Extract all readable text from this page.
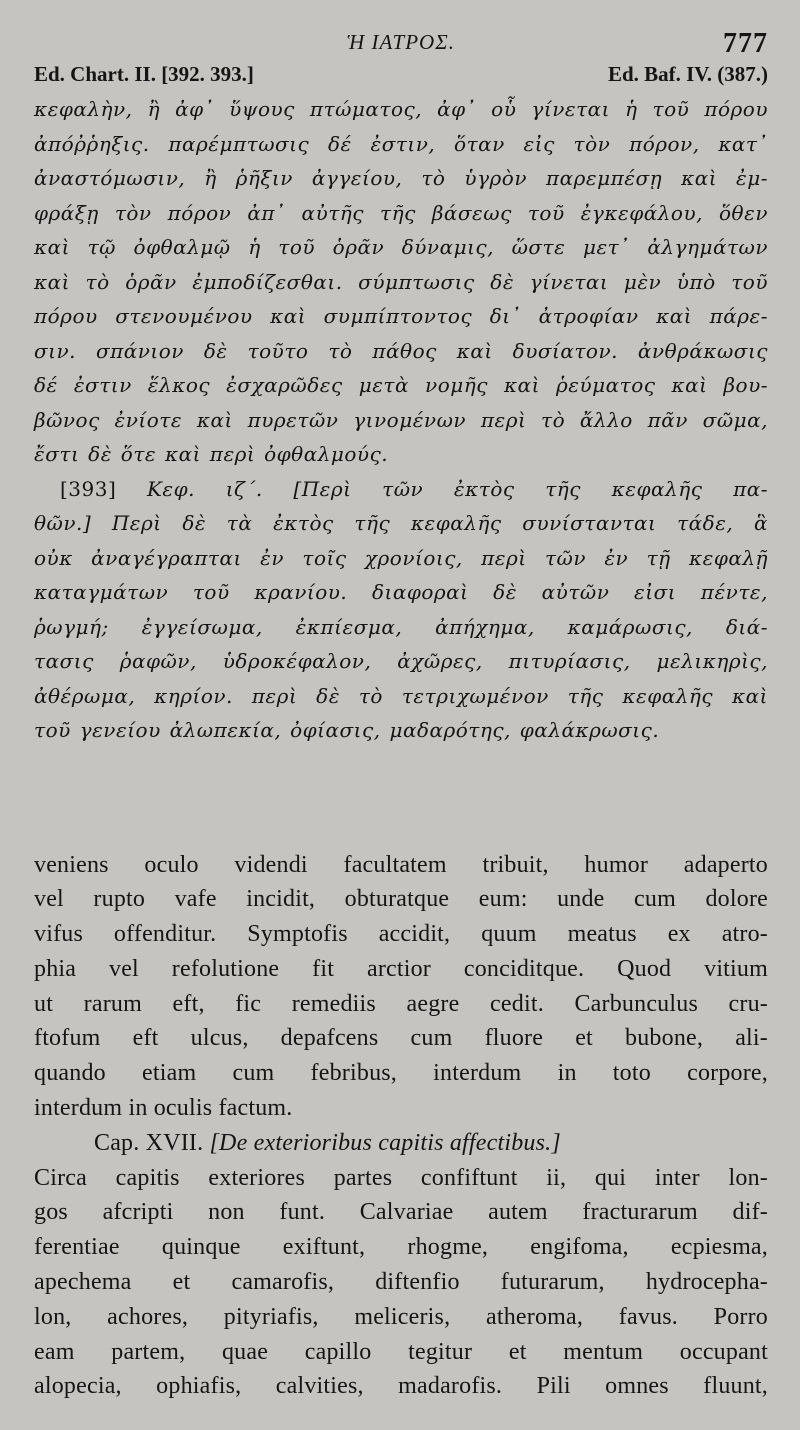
Ἡ ΙΑΤΡΟΣ.	777
Ed. Chart. II. [392. 393.]	Ed. Baf. IV. (387.)
κεφαλὴν, ἢ ἀφ᾽ ὕψους πτώματος, ἀφ᾽ οὗ γίνεται ἡ τοῦ πόρου
ἀπόῤῥηξις. παρέμπτωσις δέ ἐστιν, ὅταν εἰς τὸν πόρον, κατ᾽
ἀναστόμωσιν, ἢ ῥῆξιν ἀγγείου, τὸ ὑγρὸν παρεμπέσῃ καὶ ἐμ-
φράξῃ τὸν πόρον ἀπ᾽ αὐτῆς τῆς βάσεως τοῦ ἐγκεφάλου, ὅθεν
καὶ τῷ ὀφθαλμῷ ἡ τοῦ ὁρᾶν δύναμις, ὥστε μετ᾽ ἀλγημάτων
καὶ τὸ ὁρᾶν ἐμποδίζεσθαι. σύμπτωσις δὲ γίνεται μὲν ὑπὸ τοῦ
πόρου στενουμένου καὶ συμπίπτοντος δι᾽ ἀτροφίαν καὶ πάρε-
σιν. σπάνιον δὲ τοῦτο τὸ πάθος καὶ δυσίατον. ἀνθράκωσις
δέ ἐστιν ἕλκος ἐσχαρῶδες μετὰ νομῆς καὶ ῥεύματος καὶ βου-
βῶνος ἐνίοτε καὶ πυρετῶν γινομένων περὶ τὸ ἄλλο πᾶν σῶμα,
ἔστι δὲ ὅτε καὶ περὶ ὀφθαλμούς.
[393] Κεφ. ιζ΄. [Περὶ τῶν ἐκτὸς τῆς κεφαλῆς πα-
θῶν.] Περὶ δὲ τὰ ἐκτὸς τῆς κεφαλῆς συνίστανται τάδε, ἃ
οὐκ ἀναγέγραπται ἐν τοῖς χρονίοις, περὶ τῶν ἐν τῇ κεφαλῇ
καταγμάτων τοῦ κρανίου. διαφοραὶ δὲ αὐτῶν εἰσι πέντε,
ῥωγμή; ἐγγείσωμα, ἐκπίεσμα, ἀπήχημα, καμάρωσις, διά-
τασις ῥαφῶν, ὑδροκέφαλον, ἀχῶρες, πιτυρίασις, μελικηρὶς,
ἀθέρωμα, κηρίον. περὶ δὲ τὸ τετριχωμένον τῆς κεφαλῆς καὶ
τοῦ γενείου ἀλωπεκία, ὀφίασις, μαδαρότης, φαλάκρωσις.
veniens oculo videndi facultatem tribuit, humor adaperto
vel rupto vafe incidit, obturatque eum: unde cum dolore
vifus offenditur. Symptofis accidit, quum meatus ex atro-
phia vel refolutione fit arctior conciditque. Quod vitium
ut rarum eft, fic remediis aegre cedit. Carbunculus cru-
ftofum eft ulcus, depafcens cum fluore et bubone, ali-
quando etiam cum febribus, interdum in toto corpore,
interdum in oculis factum.
Cap. XVII. [De exterioribus capitis affectibus.]
Circa capitis exteriores partes confiftunt ii, qui inter lon-
gos afcripti non funt. Calvariae autem fracturarum dif-
ferentiae quinque exiftunt, rhogme, engifoma, ecpiesma,
apechema et camarofis, diftenfio futurarum, hydrocepha-
lon, achores, pityriafis, meliceris, atheroma, favus. Porro
eam partem, quae capillo tegitur et mentum occupant
alopecia, ophiafis, calvities, madarofis. Pili omnes fluunt,
